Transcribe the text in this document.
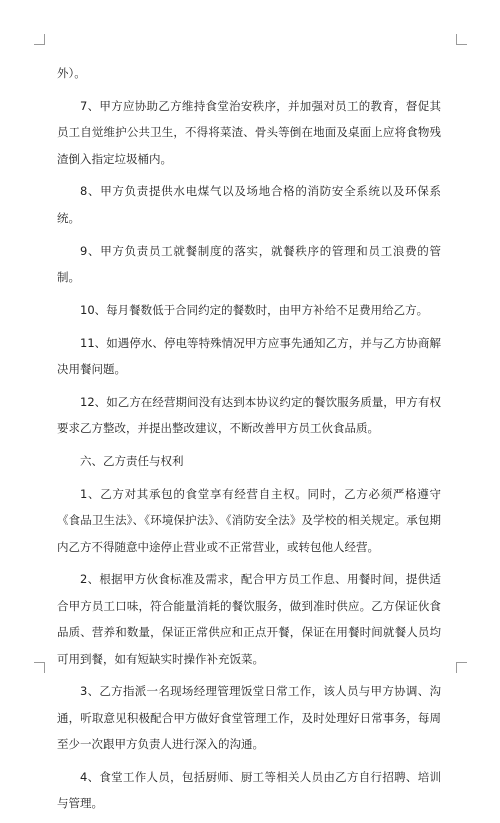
外）。

7、甲方应协助乙方维持食堂治安秩序，并加强对员工的教育，督促其员工自觉维护公共卫生，不得将菜渣、骨头等倒在地面及桌面上应将食物残渣倒入指定垃圾桶内。

8、甲方负责提供水电煤气以及场地合格的消防安全系统以及环保系统。

9、甲方负责员工就餐制度的落实，就餐秩序的管理和员工浪费的管制。

10、每月餐数低于合同约定的餐数时，由甲方补给不足费用给乙方。

11、如遇停水、停电等特殊情况甲方应事先通知乙方，并与乙方协商解决用餐问题。

12、如乙方在经营期间没有达到本协议约定的餐饮服务质量，甲方有权要求乙方整改，并提出整改建议，不断改善甲方员工伙食品质。

六、乙方责任与权利

1、乙方对其承包的食堂享有经营自主权。同时，乙方必须严格遵守《食品卫生法》、《环境保护法》、《消防安全法》及学校的相关规定。承包期内乙方不得随意中途停止营业或不正常营业，或转包他人经营。

2、根据甲方伙食标准及需求，配合甲方员工作息、用餐时间，提供适合甲方员工口味，符合能量消耗的餐饮服务，做到准时供应。乙方保证伙食品质、营养和数量，保证正常供应和正点开餐，保证在用餐时间就餐人员均可用到餐，如有短缺实时操作补充饭菜。

3、乙方指派一名现场经理管理饭堂日常工作，该人员与甲方协调、沟通，听取意见积极配合甲方做好食堂管理工作，及时处理好日常事务，每周至少一次跟甲方负责人进行深入的沟通。

4、食堂工作人员，包括厨师、厨工等相关人员由乙方自行招聘、培训与管理。
